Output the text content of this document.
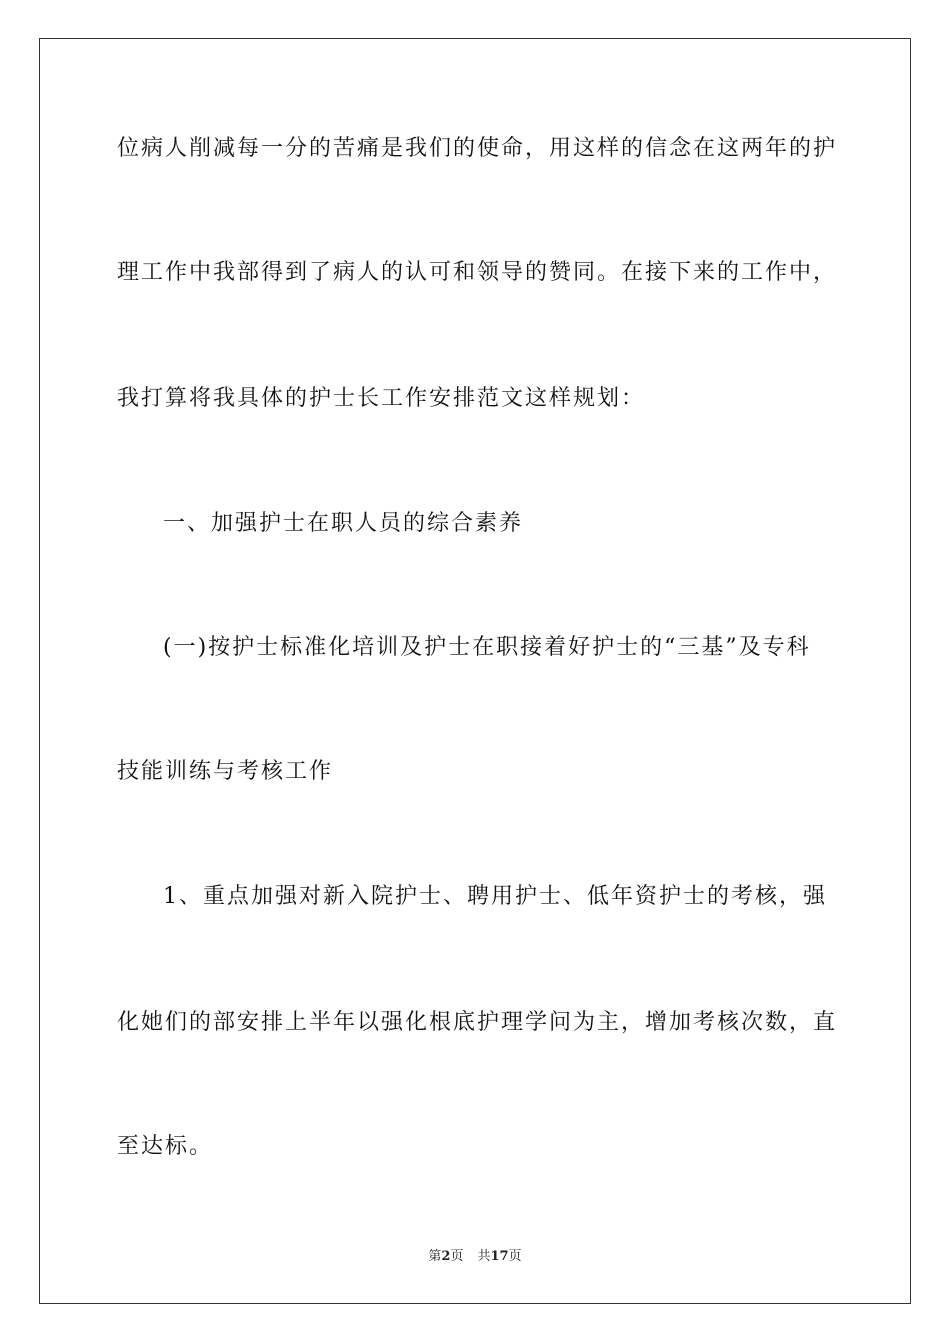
位病人削减每一分的苦痛是我们的使命，用这样的信念在这两年的护
理工作中我部得到了病人的认可和领导的赞同。在接下来的工作中，
我打算将我具体的护士长工作安排范文这样规划：
一、加强护士在职人员的综合素养
(一)按护士标准化培训及护士在职接着好护士的“三基”及专科
技能训练与考核工作
1、重点加强对新入院护士、聘用护士、低年资护士的考核，强
化她们的部安排上半年以强化根底护理学问为主，增加考核次数，直
至达标。
第2页 共17页
